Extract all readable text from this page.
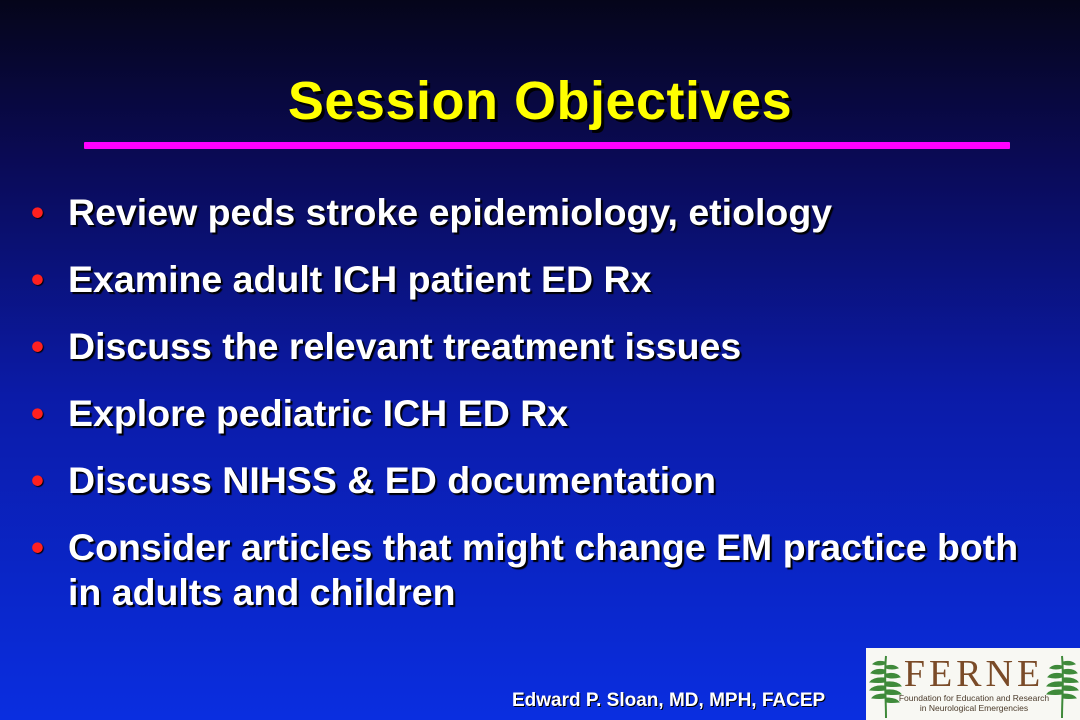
Session Objectives
• Review peds stroke epidemiology, etiology
• Examine adult ICH patient ED Rx
• Discuss the relevant treatment issues
• Explore pediatric ICH ED Rx
• Discuss NIHSS & ED documentation
• Consider articles that might change EM practice both in adults and children
Edward P. Sloan, MD, MPH, FACEP
FERNE
Foundation for Education and Research
in Neurological Emergencies
